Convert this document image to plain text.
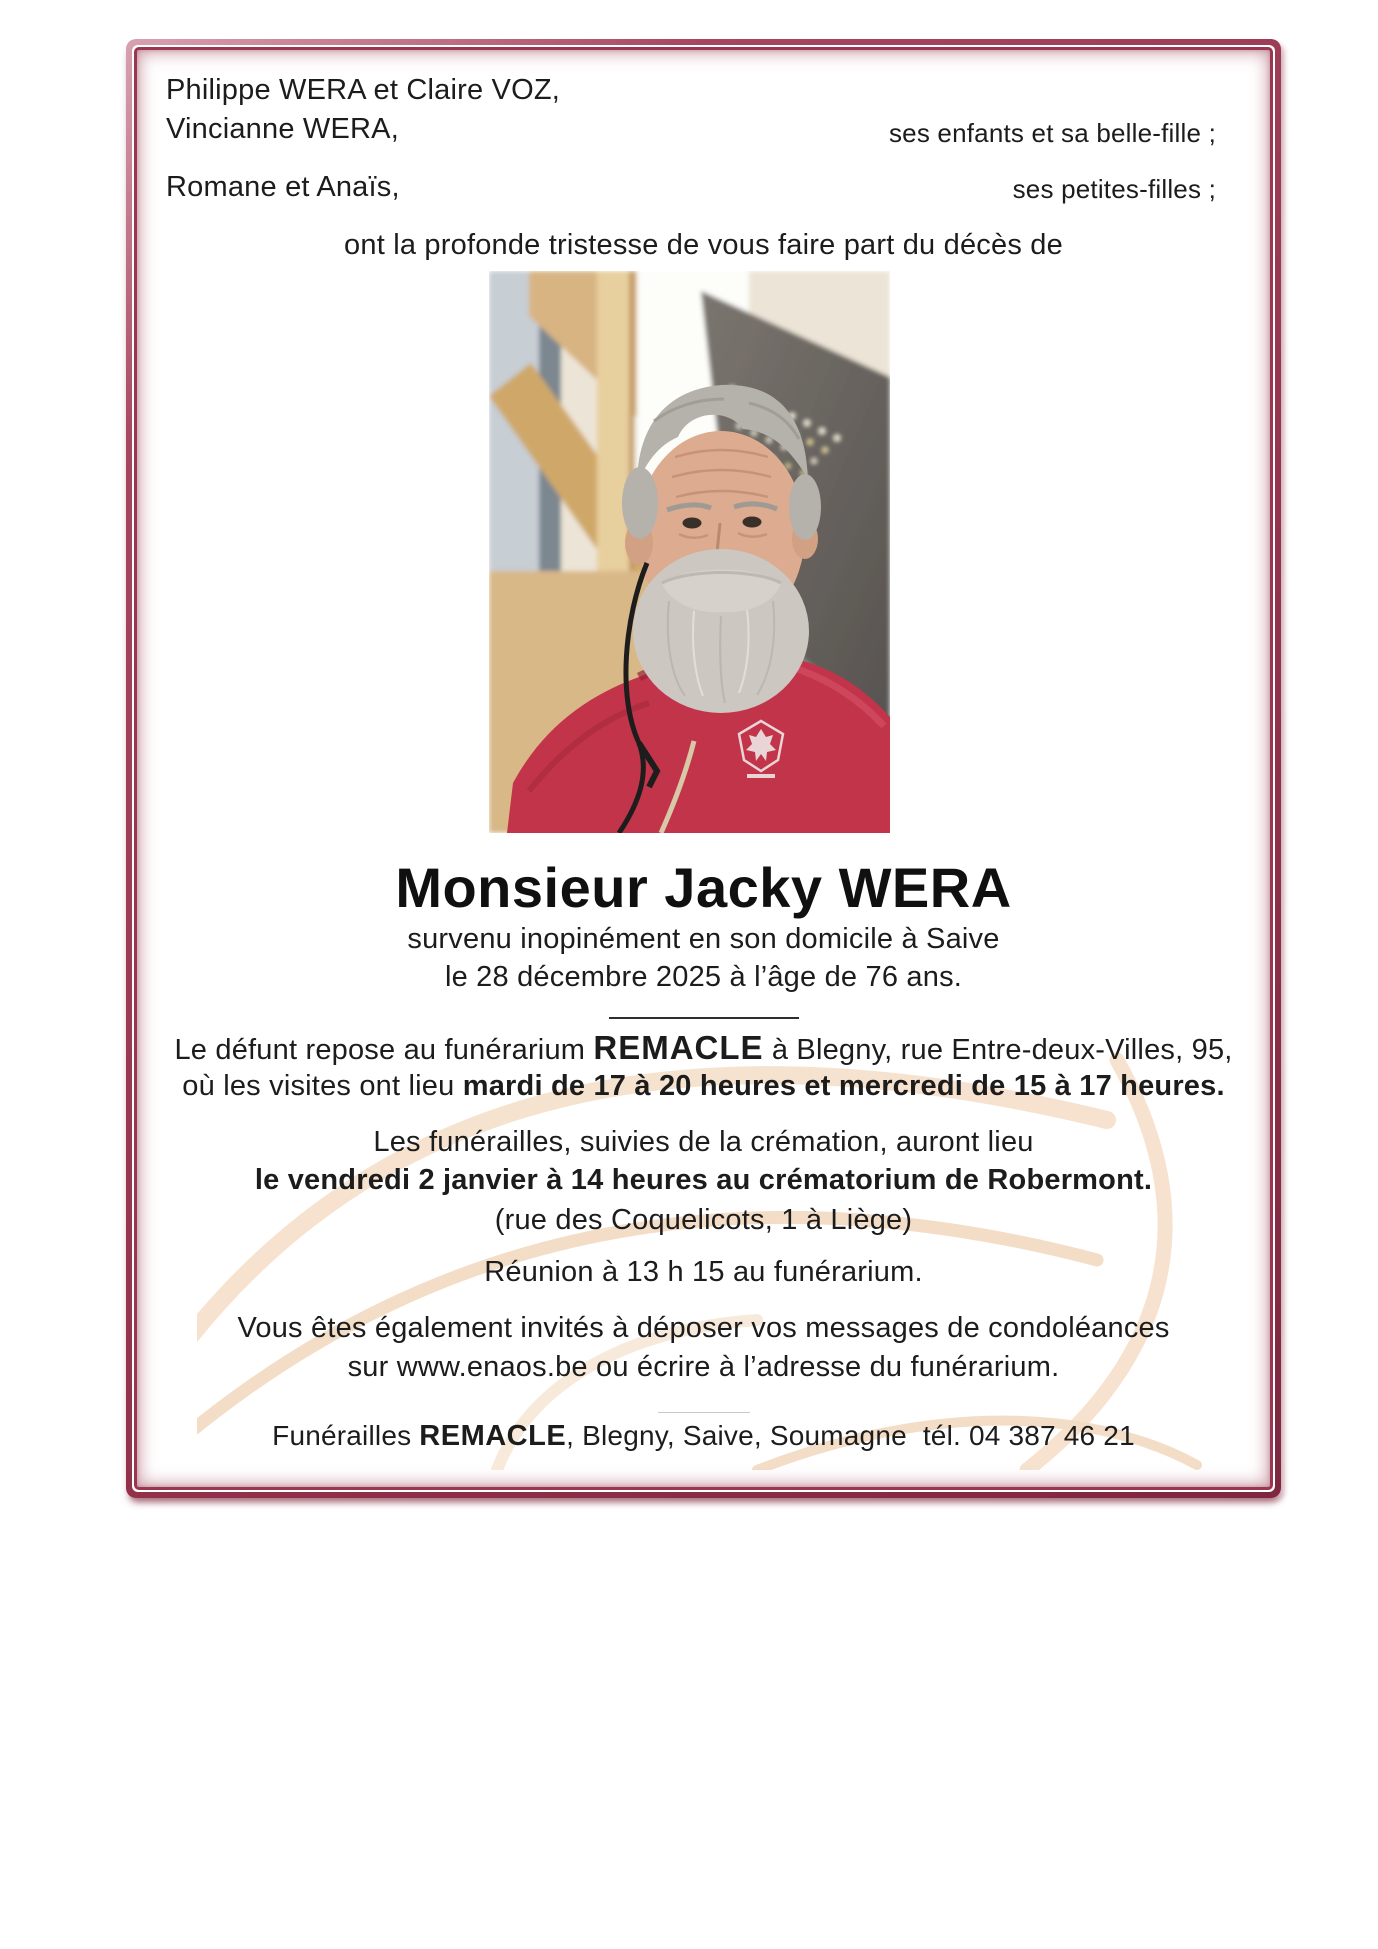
Philippe WERA et Claire VOZ,
Vincianne WERA,	ses enfants et sa belle-fille ;
Romane et Anaïs,	ses petites-filles ;
ont la profonde tristesse de vous faire part du décès de
Monsieur Jacky WERA
survenu inopinément en son domicile à Saive
le 28 décembre 2025 à l’âge de 76 ans.
Le défunt repose au funérarium REMACLE à Blegny, rue Entre-deux-Villes, 95,
où les visites ont lieu mardi de 17 à 20 heures et mercredi de 15 à 17 heures.
Les funérailles, suivies de la crémation, auront lieu
le vendredi 2 janvier à 14 heures au crématorium de Robermont.
(rue des Coquelicots, 1 à Liège)
Réunion à 13 h 15 au funérarium.
Vous êtes également invités à déposer vos messages de condoléances
sur www.enaos.be ou écrire à l’adresse du funérarium.
Funérailles REMACLE, Blegny, Saive, Soumagne  tél. 04 387 46 21
